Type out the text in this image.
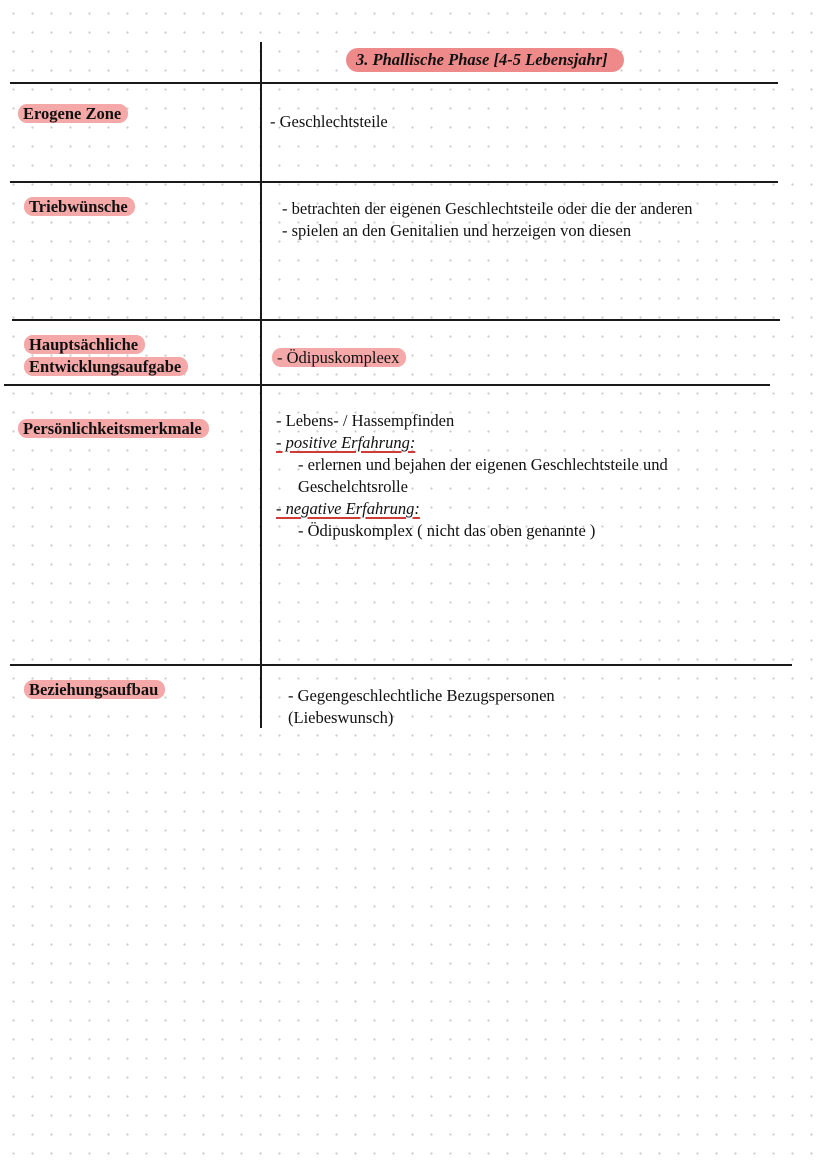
3. Phallische Phase [4-5 Lebensjahr]
Erogene Zone	- Geschlechtsteile

Triebwünsche	- betrachten der eigenen Geschlechtsteile oder die der anderen

- spielen an den Genitalien und herzeigen von diesen

Hauptsächliche
Entwicklungsaufgabe	- Ödipuskompleex

Persönlichkeitsmerkmale	- Lebens- / Hassempfinden

- positive Erfahrung:

- erlernen und bejahen der eigenen Geschlechtsteile und

Geschelchtsrolle

- negative Erfahrung:

- Ödipuskomplex ( nicht das oben genannte )

Beziehungsaufbau	- Gegengeschlechtliche Bezugspersonen

(Liebeswunsch)
